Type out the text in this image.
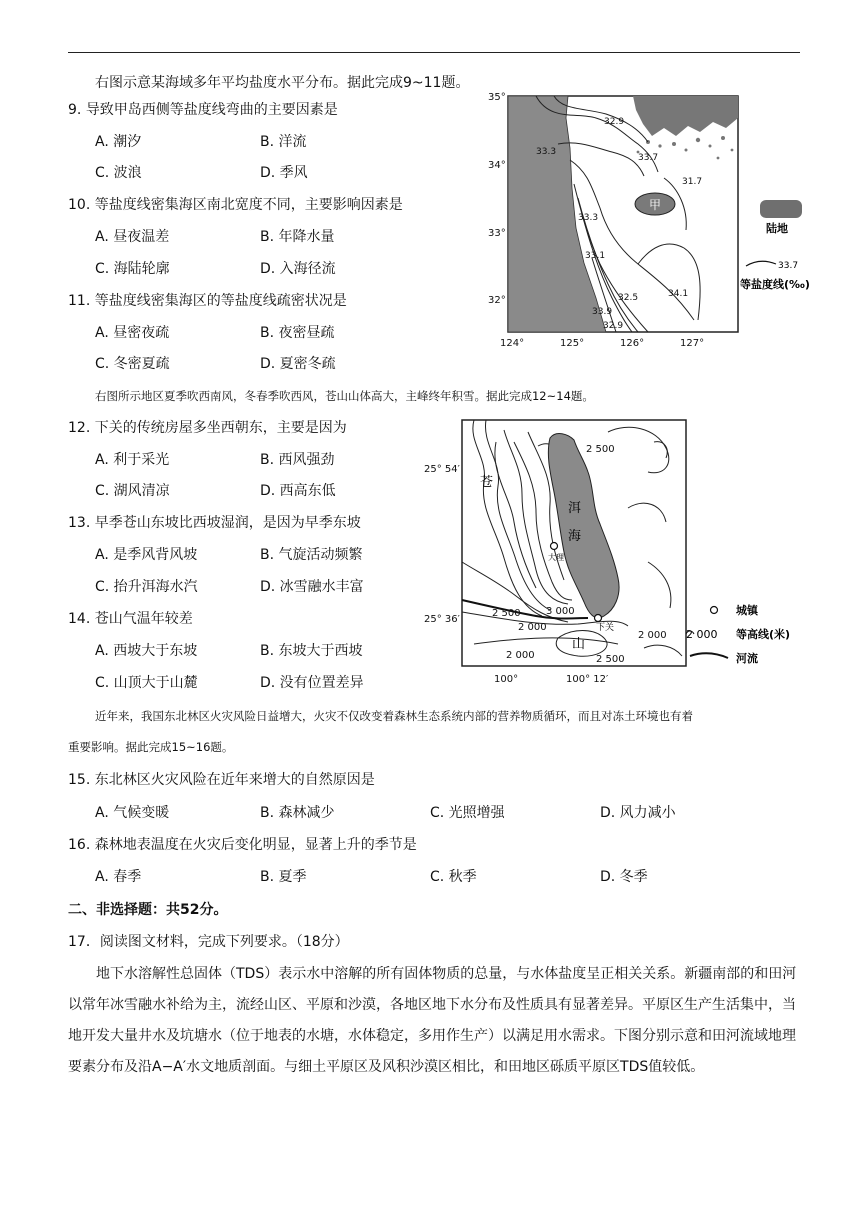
右图示意某海域多年平均盐度水平分布。据此完成9~11题。
9. 导致甲岛西侧等盐度线弯曲的主要因素是
A. 潮汐	B. 洋流
C. 波浪	D. 季风
10. 等盐度线密集海区南北宽度不同，主要影响因素是
A. 昼夜温差	B. 年降水量
C. 海陆轮廓	D. 入海径流
11. 等盐度线密集海区的等盐度线疏密状况是
A. 昼密夜疏	B. 夜密昼疏
C. 冬密夏疏	D. 夏密冬疏
甲
32.9
33.3
33.7
31.7
33.3
33.1
32.5	34.1
33.9
32.9
35°
34°
33°
32°
124°	125°	126°	127°
陆地
33.7
等盐度线(‰)
右图所示地区夏季吹西南风，冬春季吹西风，苍山山体高大，主峰终年积雪。据此完成12~14题。
12. 下关的传统房屋多坐西朝东，主要是因为
A. 利于采光	B. 西风强劲
C. 湖风清凉	D. 西高东低
13. 早季苍山东坡比西坡湿润，是因为早季东坡
A. 是季风背风坡	B. 气旋活动频繁
C. 抬升洱海水汽	D. 冰雪融水丰富
14. 苍山气温年较差
A. 西坡大于东坡	B. 东坡大于西坡
C. 山顶大于山麓	D. 没有位置差异
洱
海
大理
下关
苍
山
2 500
2 500	3 000
2 000
2 000
2 000	2 500
25° 54′
25° 36′
100°	100° 12′
城镇
2 000 等高线(米)
河流
近年来，我国东北林区火灾风险日益增大，火灾不仅改变着森林生态系统内部的营养物质循环，而且对冻土环境也有着
重要影响。据此完成15~16题。
15. 东北林区火灾风险在近年来增大的自然原因是
A. 气候变暖	B. 森林减少	C. 光照增强	D. 风力减小
16. 森林地表温度在火灾后变化明显，显著上升的季节是
A. 春季	B. 夏季	C. 秋季	D. 冬季
二、非选择题：共52分。
17．阅读图文材料，完成下列要求。（18分）
地下水溶解性总固体（TDS）表示水中溶解的所有固体物质的总量，与水体盐度呈正相关关系。新疆南部的和田河以常年冰雪融水补给为主，流经山区、平原和沙漠，各地区地下水分布及性质具有显著差异。平原区生产生活集中，当地开发大量井水及坑塘水（位于地表的水塘，水体稳定，多用作生产）以满足用水需求。下图分别示意和田河流域地理要素分布及沿A−A′水文地质剖面。与细土平原区及风积沙漠区相比，和田地区砾质平原区TDS值较低。
